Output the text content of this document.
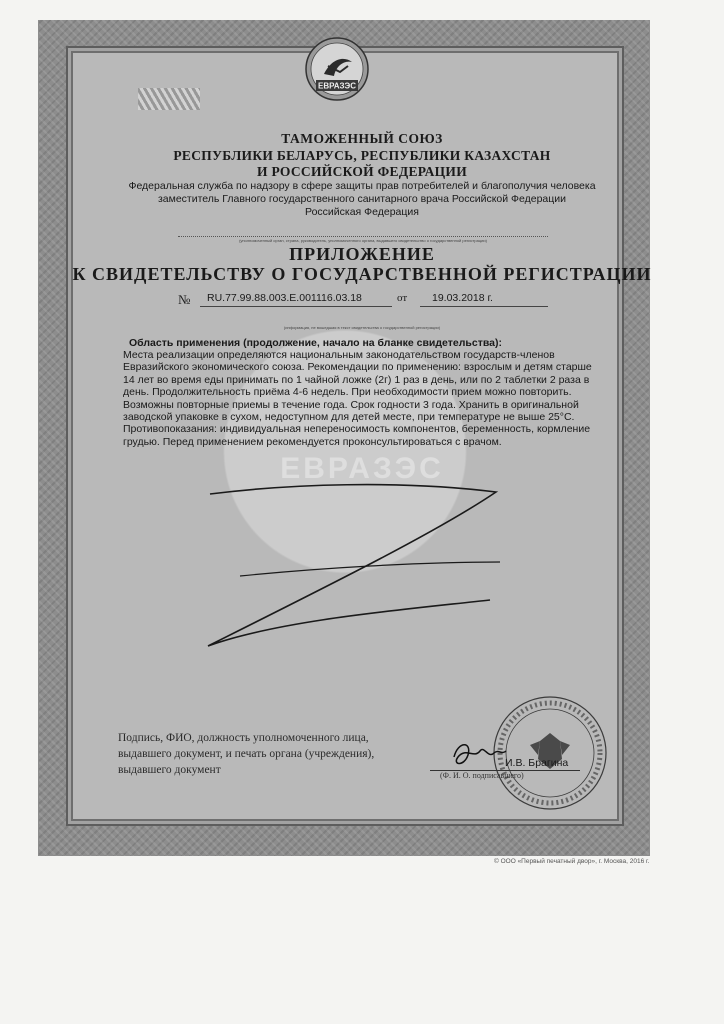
ЕВРАЗЭС
ТАМОЖЕННЫЙ СОЮЗ
РЕСПУБЛИКИ БЕЛАРУСЬ, РЕСПУБЛИКИ КАЗАХСТАН
И РОССИЙСКОЙ ФЕДЕРАЦИИ
Федеральная служба по надзору в сфере защиты прав потребителей и благополучия человека
заместитель Главного государственного санитарного врача Российской Федерации
Российская Федерация
(уполномоченный орган, страна, руководитель, уполномоченного органа, выдавшего свидетельство о государственной регистрации)
ПРИЛОЖЕНИЕ
К СВИДЕТЕЛЬСТВУ О ГОСУДАРСТВЕННОЙ РЕГИСТРАЦИИ
№ RU.77.99.88.003.E.001116.03.18	от 19.03.2018 г.
(информация, не вошедшая в текст свидетельства о государственной регистрации)
Область применения (продолжение, начало на бланке свидетельства):
Места реализации определяются национальным законодательством государств-членов Евразийского экономического союза. Рекомендации по применению: взрослым и детям старше 14 лет во время еды принимать по 1 чайной ложке (2г) 1 раз в день, или по 2 таблетки 2 раза в день. Продолжительность приёма 4-6 недель. При необходимости прием можно повторить. Возможны повторные приемы в течение года. Срок годности 3 года. Хранить в оригинальной заводской упаковке в сухом, недоступном для детей месте, при температуре не выше 25°С. Противопоказания: индивидуальная непереносимость компонентов, беременность, кормление грудью. Перед применением рекомендуется проконсультироваться с врачом.
ЕВРАЗЭС
Подпись, ФИО, должность уполномоченного лица, выдавшего документ, и печать органа (учреждения), выдавшего документ
И.В. Брагина
(Ф. И. О. подписавшего)
© ООО «Первый печатный двор», г. Москва, 2016 г.
